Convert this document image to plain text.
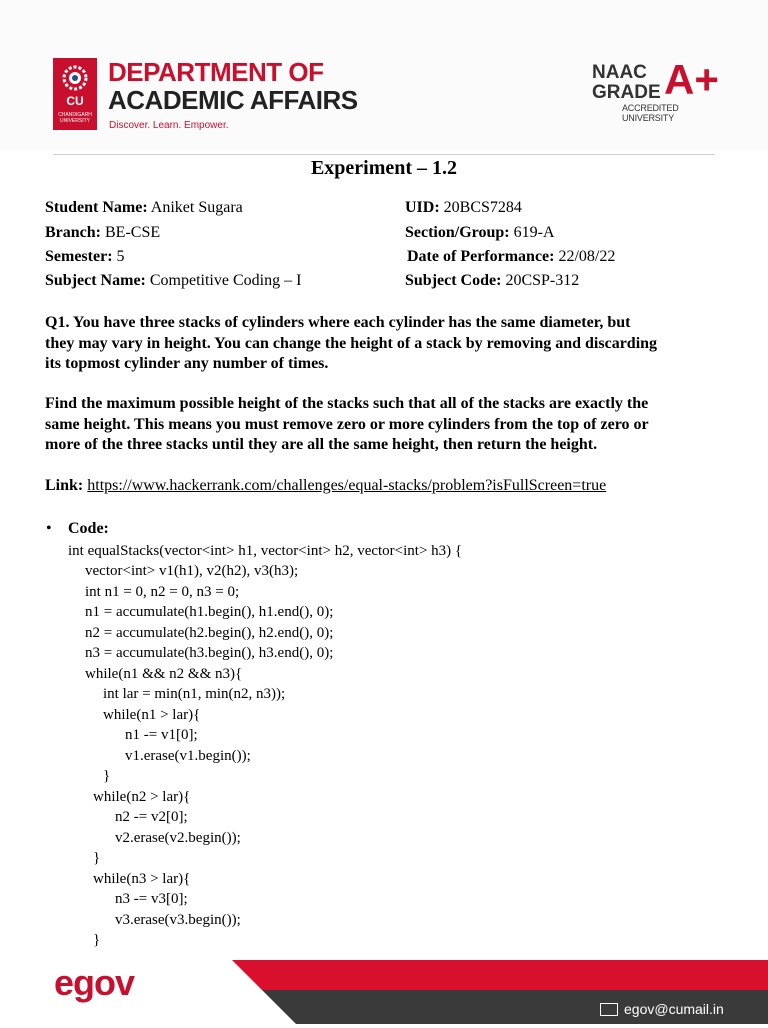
CU
CHANDIGARH UNIVERSITY
DEPARTMENT OF
ACADEMIC AFFAIRS
Discover. Learn. Empower.
NAAC
GRADE A+
ACCREDITED UNIVERSITY
Experiment – 1.2
Student Name: Aniket Sugara	UID: 20BCS7284
Branch: BE-CSE	Section/Group: 619-A
Semester: 5	Date of Performance: 22/08/22
Subject Name: Competitive Coding – I	Subject Code: 20CSP-312
Q1. You have three stacks of cylinders where each cylinder has the same diameter, but
they may vary in height. You can change the height of a stack by removing and discarding
its topmost cylinder any number of times.
Find the maximum possible height of the stacks such that all of the stacks are exactly the
same height. This means you must remove zero or more cylinders from the top of zero or
more of the three stacks until they are all the same height, then return the height.
Link: https://www.hackerrank.com/challenges/equal-stacks/problem?isFullScreen=true
• Code:
int equalStacks(vector<int> h1, vector<int> h2, vector<int> h3) {
vector<int> v1(h1), v2(h2), v3(h3);
int n1 = 0, n2 = 0, n3 = 0;
n1 = accumulate(h1.begin(), h1.end(), 0);
n2 = accumulate(h2.begin(), h2.end(), 0);
n3 = accumulate(h3.begin(), h3.end(), 0);
while(n1 && n2 && n3){
int lar = min(n1, min(n2, n3));
while(n1 > lar){
n1 -= v1[0];
v1.erase(v1.begin());
}
while(n2 > lar){
n2 -= v2[0];
v2.erase(v2.begin());
}
while(n3 > lar){
n3 -= v3[0];
v3.erase(v3.begin());
}
egov
egov@cumail.in
